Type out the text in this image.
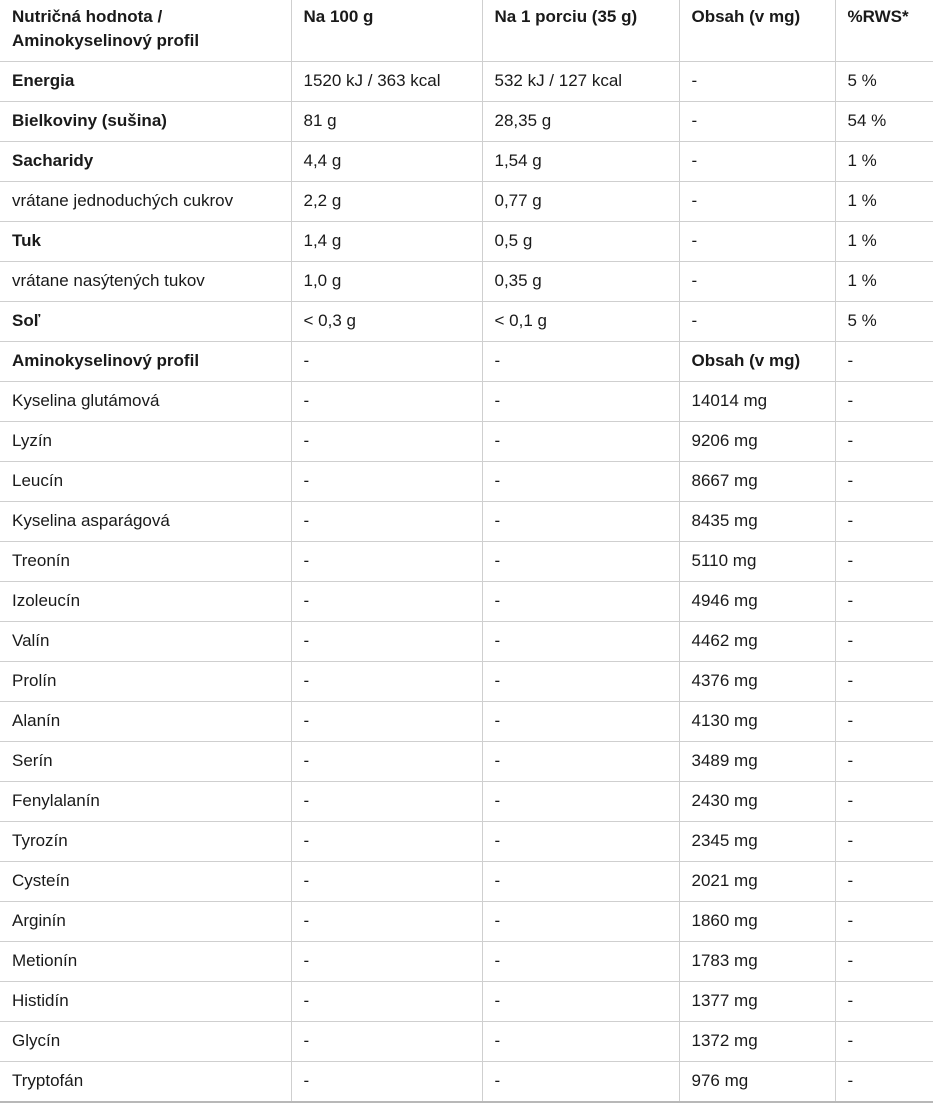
Nutričná hodnota / Aminokyselinový profil	Na 100 g	Na 1 porciu (35 g)	Obsah (v mg)	%RWS*
Energia	1520 kJ / 363 kcal	532 kJ / 127 kcal	-	5 %
Bielkoviny (sušina)	81 g	28,35 g	-	54 %
Sacharidy	4,4 g	1,54 g	-	1 %
vrátane jednoduchých cukrov	2,2 g	0,77 g	-	1 %
Tuk	1,4 g	0,5 g	-	1 %
vrátane nasýtených tukov	1,0 g	0,35 g	-	1 %
Soľ	< 0,3 g	< 0,1 g	-	5 %
Aminokyselinový profil	-	-	Obsah (v mg)	-
Kyselina glutámová	-	-	14014 mg	-
Lyzín	-	-	9206 mg	-
Leucín	-	-	8667 mg	-
Kyselina asparágová	-	-	8435 mg	-
Treonín	-	-	5110 mg	-
Izoleucín	-	-	4946 mg	-
Valín	-	-	4462 mg	-
Prolín	-	-	4376 mg	-
Alanín	-	-	4130 mg	-
Serín	-	-	3489 mg	-
Fenylalanín	-	-	2430 mg	-
Tyrozín	-	-	2345 mg	-
Cysteín	-	-	2021 mg	-
Arginín	-	-	1860 mg	-
Metionín	-	-	1783 mg	-
Histidín	-	-	1377 mg	-
Glycín	-	-	1372 mg	-
Tryptofán	-	-	976 mg	-
